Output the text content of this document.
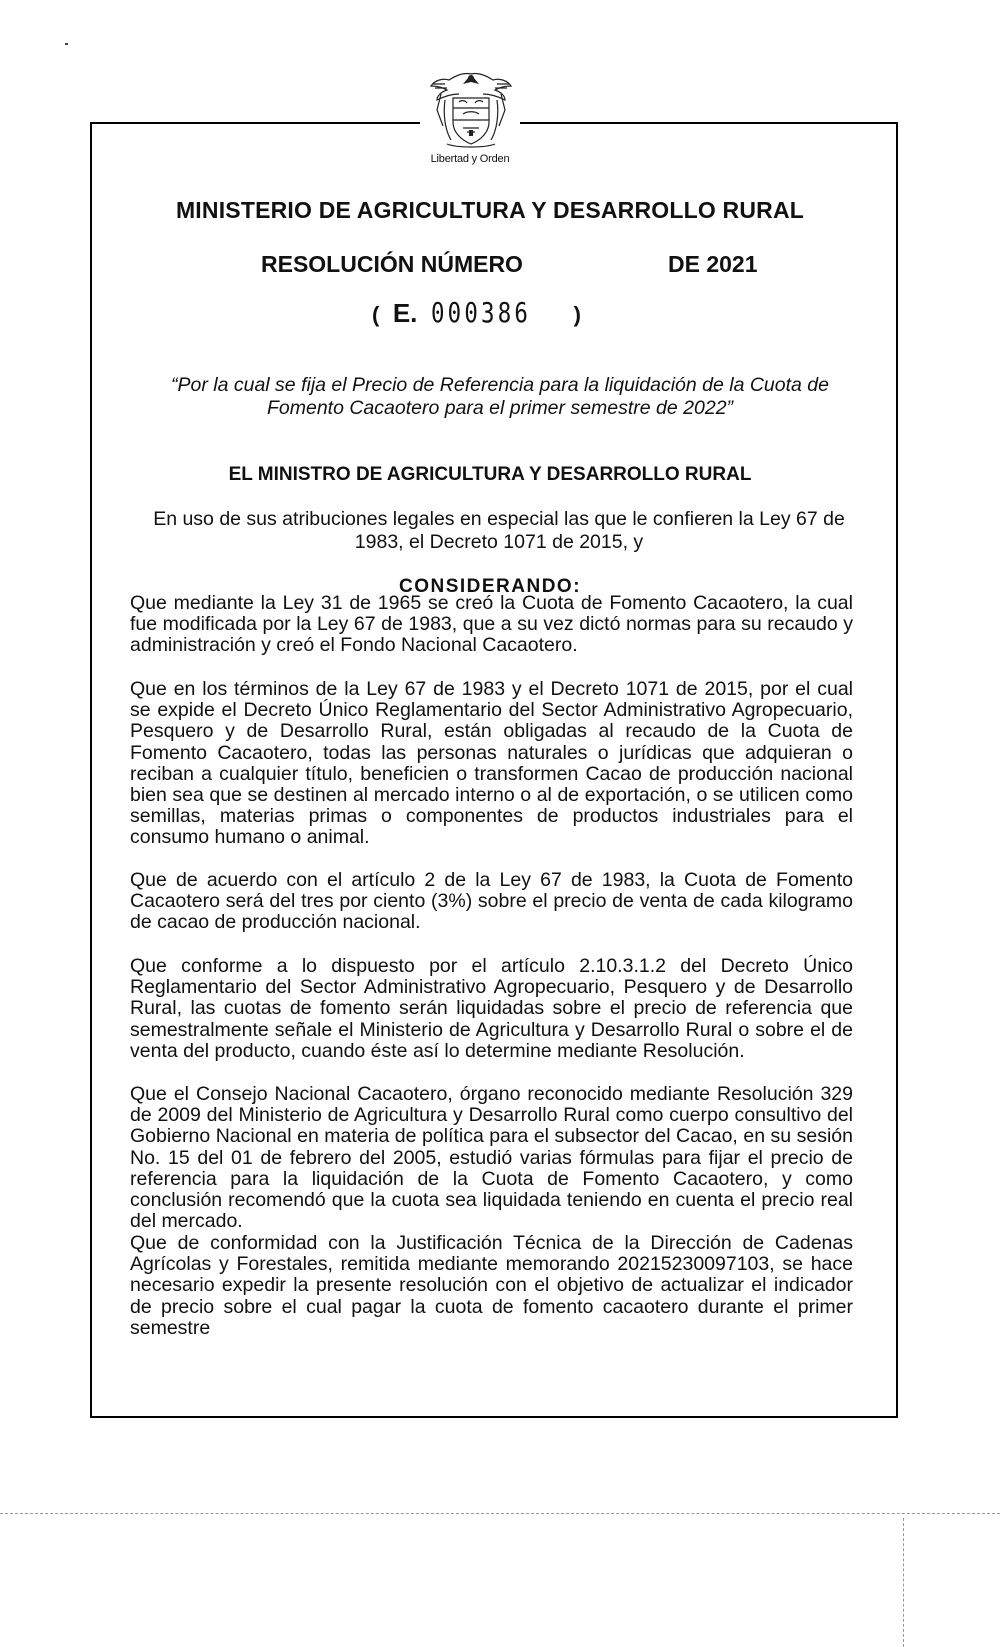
Libertad y Orden
MINISTERIO DE AGRICULTURA Y DESARROLLO RURAL
RESOLUCIÓN NÚMERO	DE 2021
( E. 000386 )
“Por la cual se fija el Precio de Referencia para la liquidación de la Cuota de Fomento Cacaotero para el primer semestre de 2022”
EL MINISTRO DE AGRICULTURA Y DESARROLLO RURAL
En uso de sus atribuciones legales en especial las que le confieren la Ley 67 de 1983, el Decreto 1071 de 2015, y
CONSIDERANDO:

Que mediante la Ley 31 de 1965 se creó la Cuota de Fomento Cacaotero, la cual fue modificada por la Ley 67 de 1983, que a su vez dictó normas para su recaudo y administración y creó el Fondo Nacional Cacaotero.

Que en los términos de la Ley 67 de 1983 y el Decreto 1071 de 2015, por el cual se expide el Decreto Único Reglamentario del Sector Administrativo Agropecuario, Pesquero y de Desarrollo Rural, están obligadas al recaudo de la Cuota de Fomento Cacaotero, todas las personas naturales o jurídicas que adquieran o reciban a cualquier título, beneficien o transformen Cacao de producción nacional bien sea que se destinen al mercado interno o al de exportación, o se utilicen como semillas, materias primas o componentes de productos industriales para el consumo humano o animal.

Que de acuerdo con el artículo 2 de la Ley 67 de 1983, la Cuota de Fomento Cacaotero será del tres por ciento (3%) sobre el precio de venta de cada kilogramo de cacao de producción nacional.

Que conforme a lo dispuesto por el artículo 2.10.3.1.2 del Decreto Único Reglamentario del Sector Administrativo Agropecuario, Pesquero y de Desarrollo Rural, las cuotas de fomento serán liquidadas sobre el precio de referencia que semestralmente señale el Ministerio de Agricultura y Desarrollo Rural o sobre el de venta del producto, cuando éste así lo determine mediante Resolución.

Que el Consejo Nacional Cacaotero, órgano reconocido mediante Resolución 329 de 2009 del Ministerio de Agricultura y Desarrollo Rural como cuerpo consultivo del Gobierno Nacional en materia de política para el subsector del Cacao, en su sesión No. 15 del 01 de febrero del 2005, estudió varias fórmulas para fijar el precio de referencia para la liquidación de la Cuota de Fomento Cacaotero, y como conclusión recomendó que la cuota sea liquidada teniendo en cuenta el precio real del mercado.

Que de conformidad con la Justificación Técnica de la Dirección de Cadenas Agrícolas y Forestales, remitida mediante memorando 20215230097103, se hace necesario expedir la presente resolución con el objetivo de actualizar el indicador de precio sobre el cual pagar la cuota de fomento cacaotero durante el primer semestre
